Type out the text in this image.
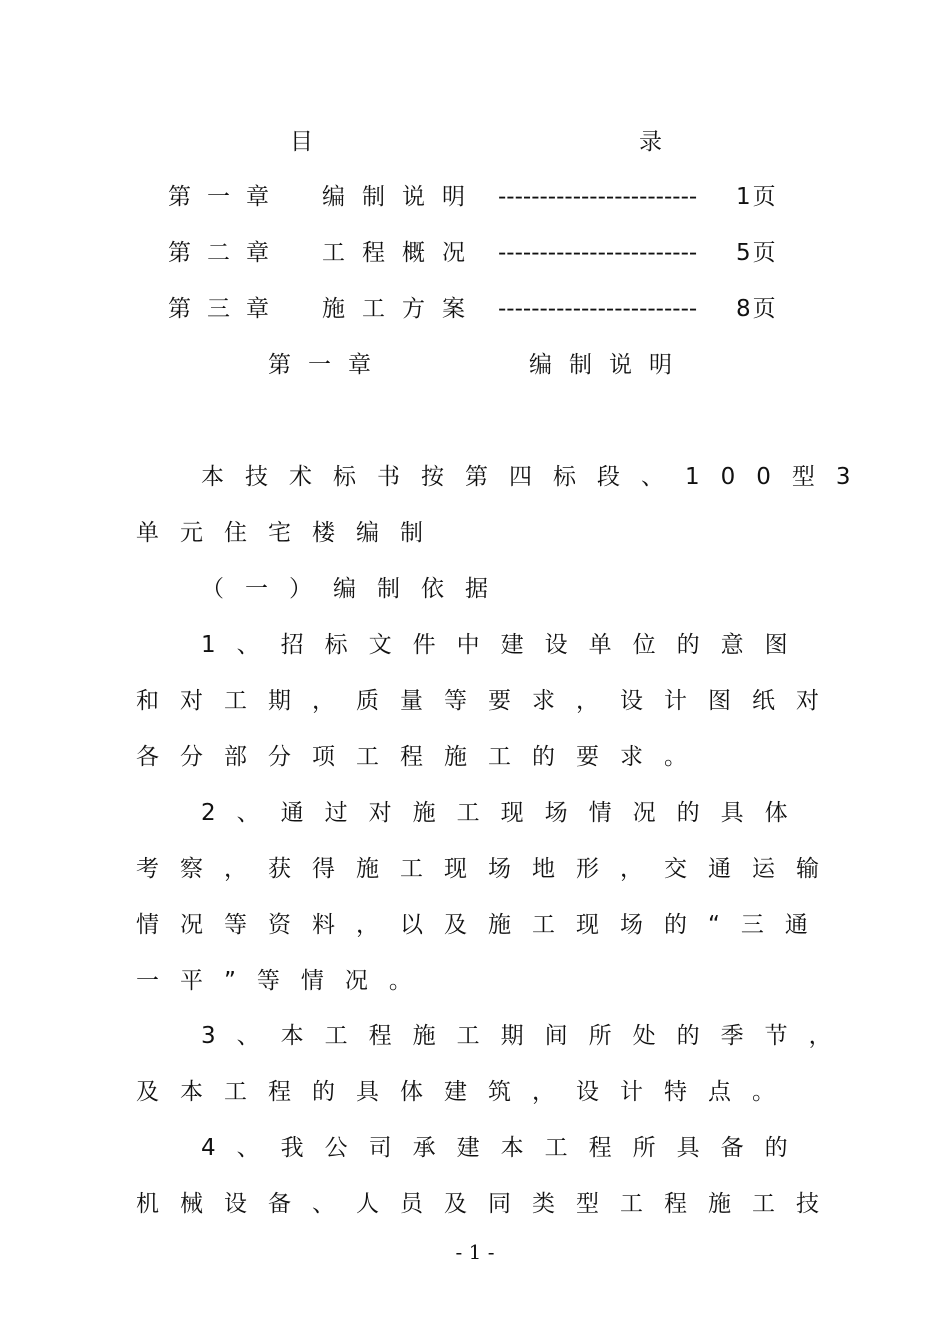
目	录
第一章 编制说明 ------------------------ 1页
第二章 工程概况 ------------------------ 5页
第三章 施工方案 ------------------------ 8页
第一章	编制说明
本技术标书按第四标段、100型3
单元住宅楼编制
（一）编制依据
1、招标文件中建设单位的意图
和对工期，质量等要求，设计图纸对
各分部分项工程施工的要求。
2、通过对施工现场情况的具体
考察，获得施工现场地形，交通运输
情况等资料，以及施工现场的“三通
一平”等情况。
3、本工程施工期间所处的季节，
及本工程的具体建筑，设计特点。
4、我公司承建本工程所具备的
机械设备、人员及同类型工程施工技
- 1 -
